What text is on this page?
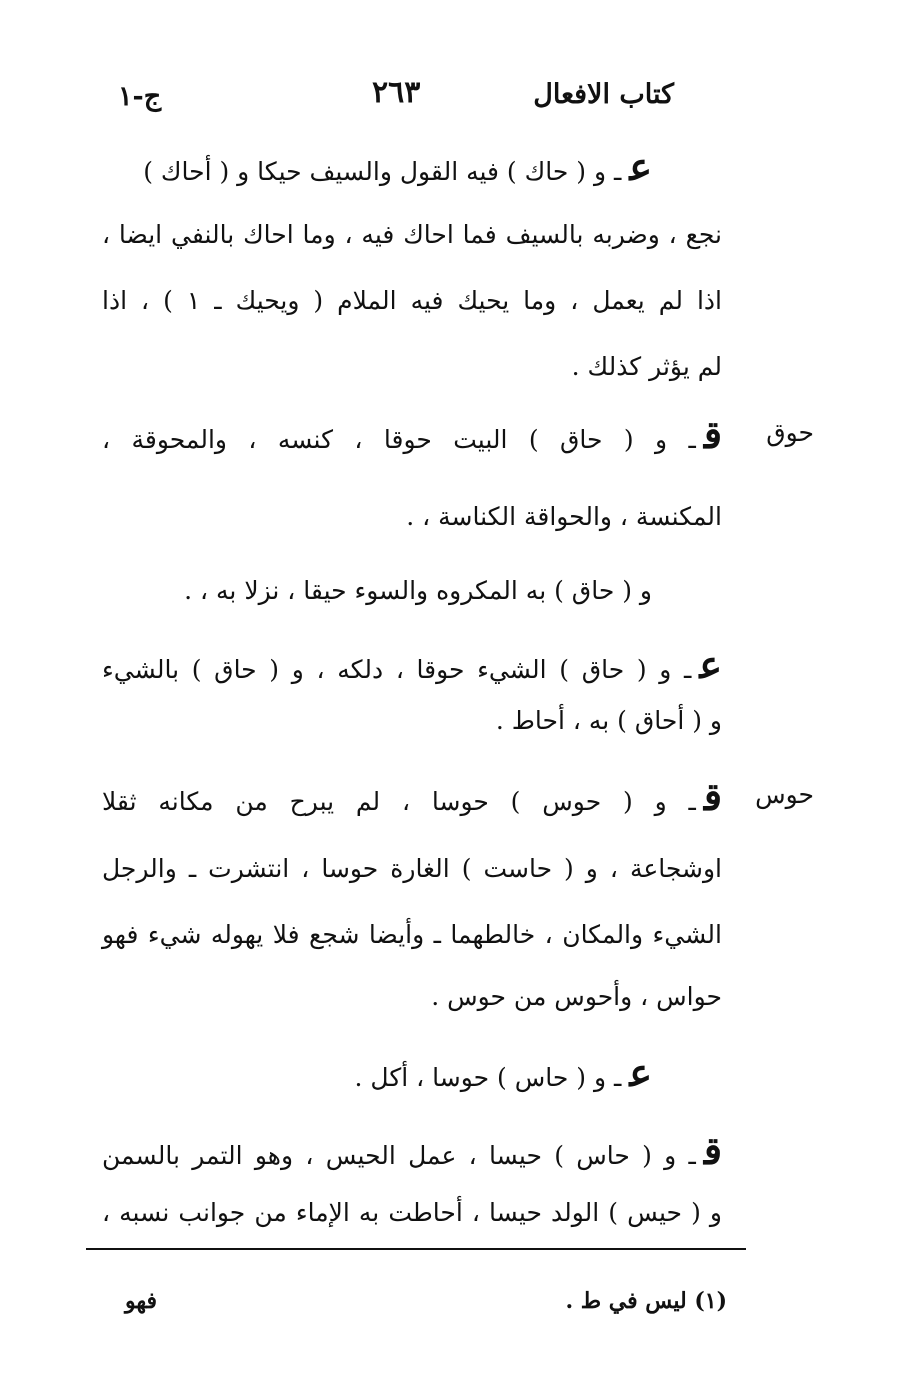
كتاب الافعال
٢٦٣
ج-١
عـ و ( حاك ) فيه القول والسيف حيكا و ( أحاك )
نجع ، وضربه بالسيف فما احاك فيه ، وما احاك بالنفي ايضا ،
اذا لم يعمل ، وما يحيك فيه الملام ( ويحيك ـ ١ ) ، اذا
لم يؤثر كذلك .
حوق
قـ و ( حاق ) البيت حوقا ، كنسه ، والمحوقة ،
المكنسة ، والحواقة الكناسة ، .
و ( حاق ) به المكروه والسوء حيقا ، نزلا به ، .
عـ و ( حاق ) الشيء حوقا ، دلكه ، و ( حاق ) بالشيء
و ( أحاق ) به ، أحاط .
حوس
قـ و ( حوس ) حوسا ، لم يبرح من مكانه ثقلا
اوشجاعة ، و ( حاست ) الغارة حوسا ، انتشرت ـ والرجل
الشيء والمكان ، خالطهما ـ وأيضا شجع فلا يهوله شيء فهو
حواس ، وأحوس من حوس .
عـ و ( حاس ) حوسا ، أكل .
قـ و ( حاس ) حيسا ، عمل الحيس ، وهو التمر بالسمن
و ( حيس ) الولد حيسا ، أحاطت به الإماء من جوانب نسبه ،
(١) ليس في ط .
فهو
